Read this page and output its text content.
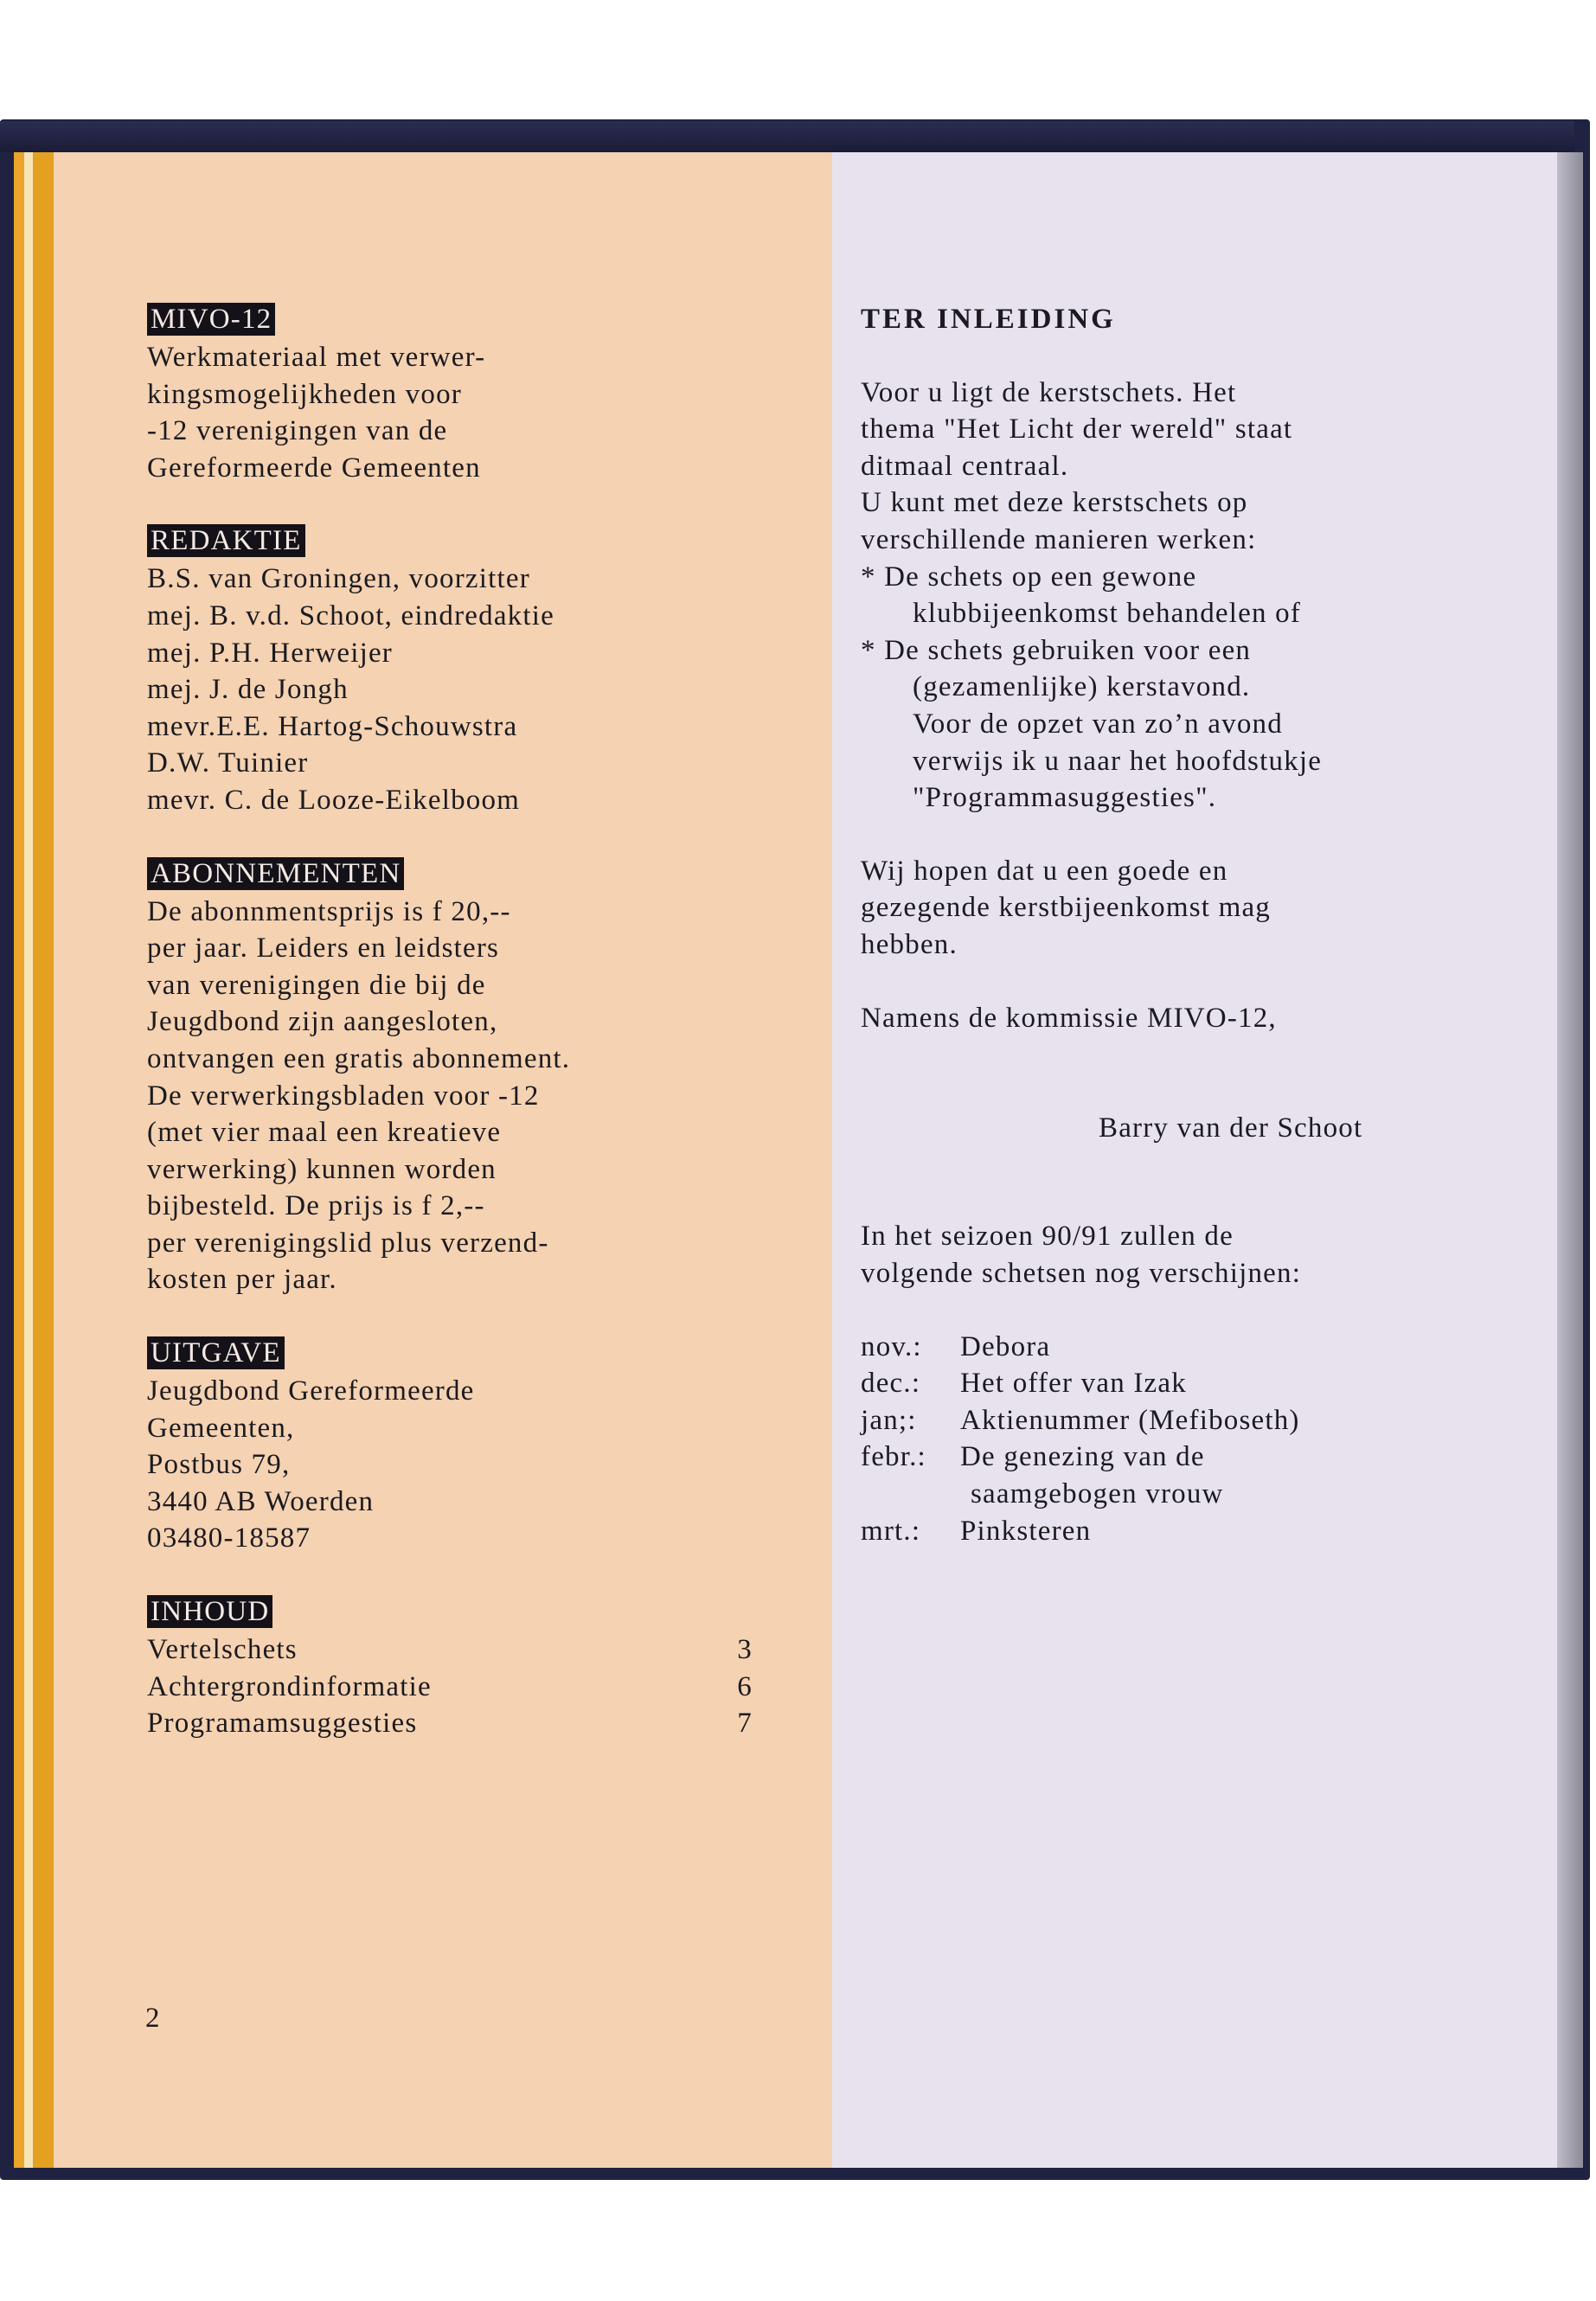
MIVO-12
Werkmateriaal met verwer-
kingsmogelijkheden voor
-12 verenigingen van de
Gereformeerde Gemeenten
REDAKTIE
B.S. van Groningen, voorzitter
mej. B. v.d. Schoot, eindredaktie
mej. P.H. Herweijer
mej. J. de Jongh
mevr.E.E. Hartog-Schouwstra
D.W. Tuinier
mevr. C. de Looze-Eikelboom
ABONNEMENTEN
De abonnmentsprijs is f 20,--
per jaar. Leiders en leidsters
van verenigingen die bij de
Jeugdbond zijn aangesloten,
ontvangen een gratis abonnement.
De verwerkingsbladen voor -12
(met vier maal een kreatieve
verwerking) kunnen worden
bijbesteld. De prijs is f 2,--
per verenigingslid plus verzend-
kosten per jaar.
UITGAVE
Jeugdbond Gereformeerde
Gemeenten,
Postbus 79,
3440 AB Woerden
03480-18587
INHOUD
Vertelschets	3
Achtergrondinformatie	6
Programamsuggesties	7
2
TER INLEIDING
Voor u ligt de kerstschets. Het
thema "Het Licht der wereld" staat
ditmaal centraal.
U kunt met deze kerstschets op
verschillende manieren werken:
* De schets op een gewone
klubbijeenkomst behandelen of
* De schets gebruiken voor een
(gezamenlijke) kerstavond.
Voor de opzet van zo’n avond
verwijs ik u naar het hoofdstukje
"Programmasuggesties".
Wij hopen dat u een goede en
gezegende kerstbijeenkomst mag
hebben.
Namens de kommissie MIVO-12,
Barry van der Schoot
In het seizoen 90/91 zullen de
volgende schetsen nog verschijnen:
nov.:	Debora
dec.:	Het offer van Izak
jan;:	Aktienummer (Mefiboseth)
febr.:	De genezing van de
saamgebogen vrouw
mrt.:	Pinksteren
